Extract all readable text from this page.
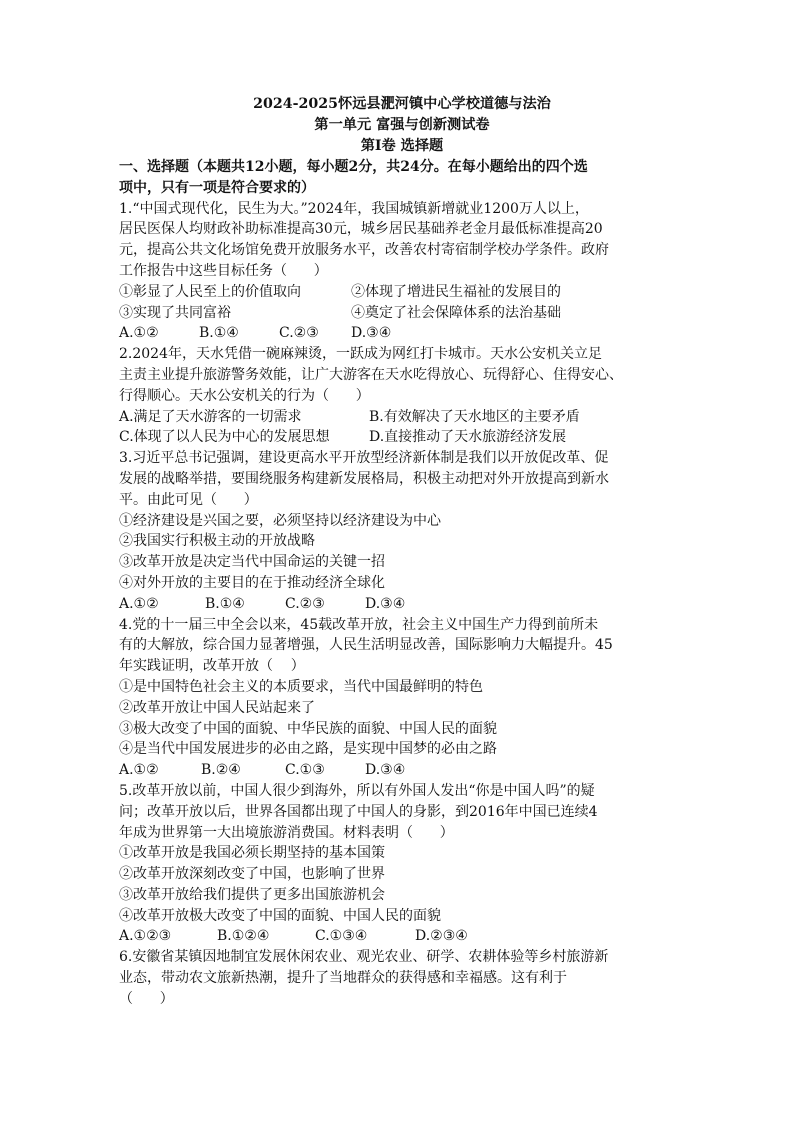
2024-2025怀远县淝河镇中心学校道德与法治

第一单元 富强与创新测试卷

第Ⅰ卷 选择题

一、选择题（本题共12小题，每小题2分，共24分。在每小题给出的四个选

项中，只有一项是符合要求的）

1.“中国式现代化，民生为大。”2024年，我国城镇新增就业1200万人以上，

居民医保人均财政补助标准提高30元，城乡居民基础养老金月最低标准提高20

元，提高公共文化场馆免费开放服务水平，改善农村寄宿制学校办学条件。政府

工作报告中这些目标任务（      ）

①彰显了人民至上的价值取向	②体现了增进民生福祉的发展目的

③实现了共同富裕	④奠定了社会保障体系的法治基础

A.①②	B.①④	C.②③ D.③④

2.2024年，天水凭借一碗麻辣烫，一跃成为网红打卡城市。天水公安机关立足

主责主业提升旅游警务效能，让广大游客在天水吃得放心、玩得舒心、住得安心、

行得顺心。天水公安机关的行为（      ）

A.满足了天水游客的一切需求	B.有效解决了天水地区的主要矛盾

C.体现了以人民为中心的发展思想	D.直接推动了天水旅游经济发展

3.习近平总书记强调，建设更高水平开放型经济新体制是我们以开放促改革、促

发展的战略举措，要围绕服务构建新发展格局，积极主动把对外开放提高到新水

平。由此可见（      ）

①经济建设是兴国之要，必须坚持以经济建设为中心

②我国实行积极主动的开放战略

③改革开放是决定当代中国命运的关键一招

④对外开放的主要目的在于推动经济全球化

A.①②	B.①④	C.②③	D.③④

4.党的十一届三中全会以来，45载改革开放，社会主义中国生产力得到前所未

有的大解放，综合国力显著增强，人民生活明显改善，国际影响力大幅提升。45

年实践证明，改革开放（    ）

①是中国特色社会主义的本质要求，当代中国最鲜明的特色

②改革开放让中国人民站起来了

③极大改变了中国的面貌、中华民族的面貌、中国人民的面貌

④是当代中国发展进步的必由之路，是实现中国梦的必由之路

A.①②	B.②④	C.①③	D.③④

5.改革开放以前，中国人很少到海外，所以有外国人发出“你是中国人吗”的疑

问；改革开放以后，世界各国都出现了中国人的身影，到2016年中国已连续4

年成为世界第一大出境旅游消费国。材料表明（      ）

①改革开放是我国必须长期坚持的基本国策

②改革开放深刻改变了中国，也影响了世界

③改革开放给我们提供了更多出国旅游机会

④改革开放极大改变了中国的面貌、中国人民的面貌

A.①②③	B.①②④	C.①③④	D.②③④

6.安徽省某镇因地制宜发展休闲农业、观光农业、研学、农耕体验等乡村旅游新

业态，带动农文旅新热潮，提升了当地群众的获得感和幸福感。这有利于

（      ）
